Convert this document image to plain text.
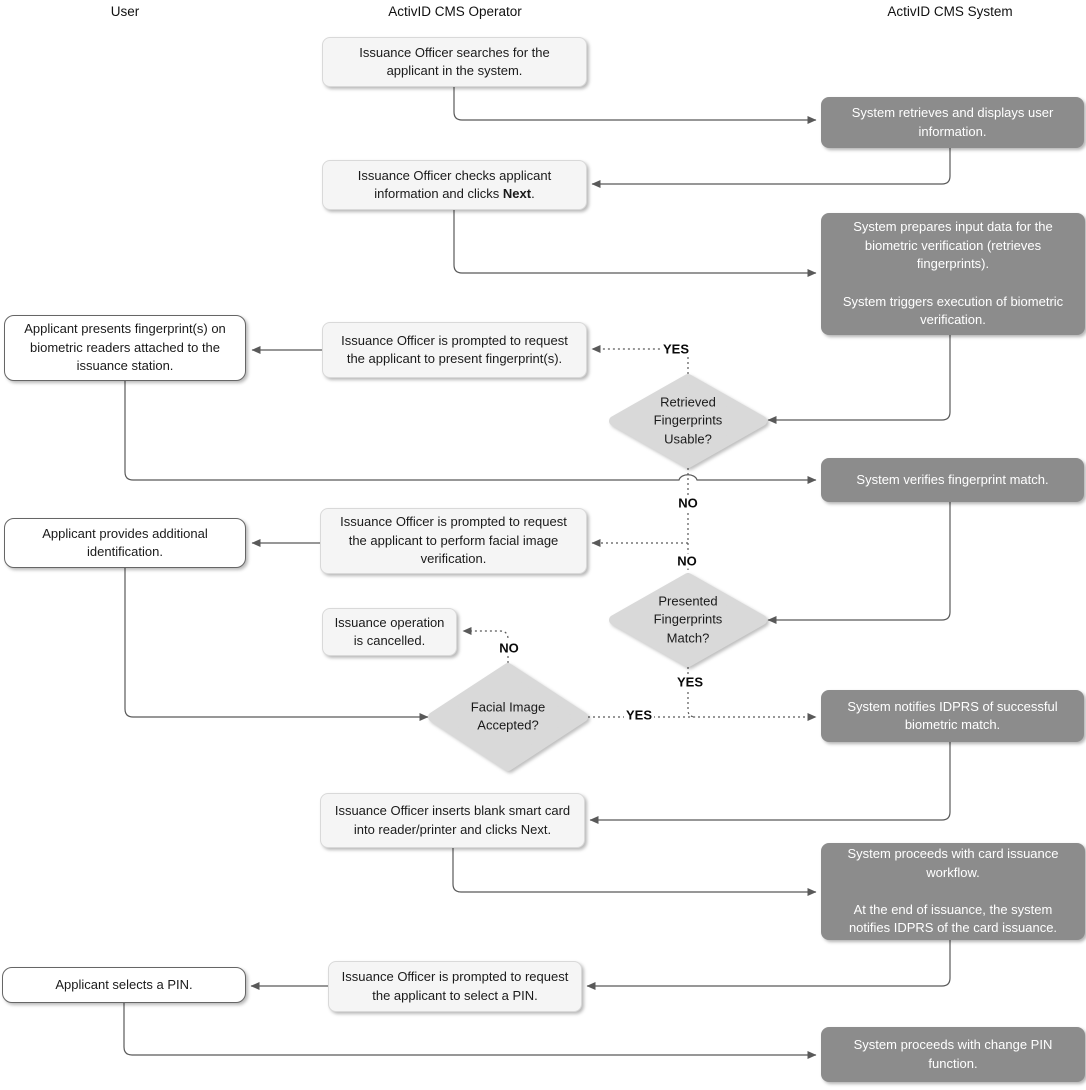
User	ActivID CMS Operator	ActivID CMS System
Issuance Officer searches for the applicant in the system.
Issuance Officer checks applicant information and clicks Next.
Issuance Officer is prompted to request the applicant to present fingerprint(s).
Issuance Officer is prompted to request the applicant to perform facial image verification.
Issuance operation is cancelled.
Issuance Officer inserts blank smart card into reader/printer and clicks Next.
Issuance Officer is prompted to request the applicant to select a PIN.
Applicant presents fingerprint(s) on biometric readers attached to the issuance station.
Applicant provides additional identification.
Applicant selects a PIN.
System retrieves and displays user information.
System prepares input data for the biometric verification (retrieves fingerprints).
System triggers execution of biometric verification.
System verifies fingerprint match.
System notifies IDPRS of successful biometric match.
System proceeds with card issuance workflow.
At the end of issuance, the system notifies IDPRS of the card issuance.
System proceeds with change PIN function.
Retrieved Fingerprints Usable?
Presented Fingerprints Match?
Facial Image Accepted?
YES
NO
NO
NO
YES
YES
